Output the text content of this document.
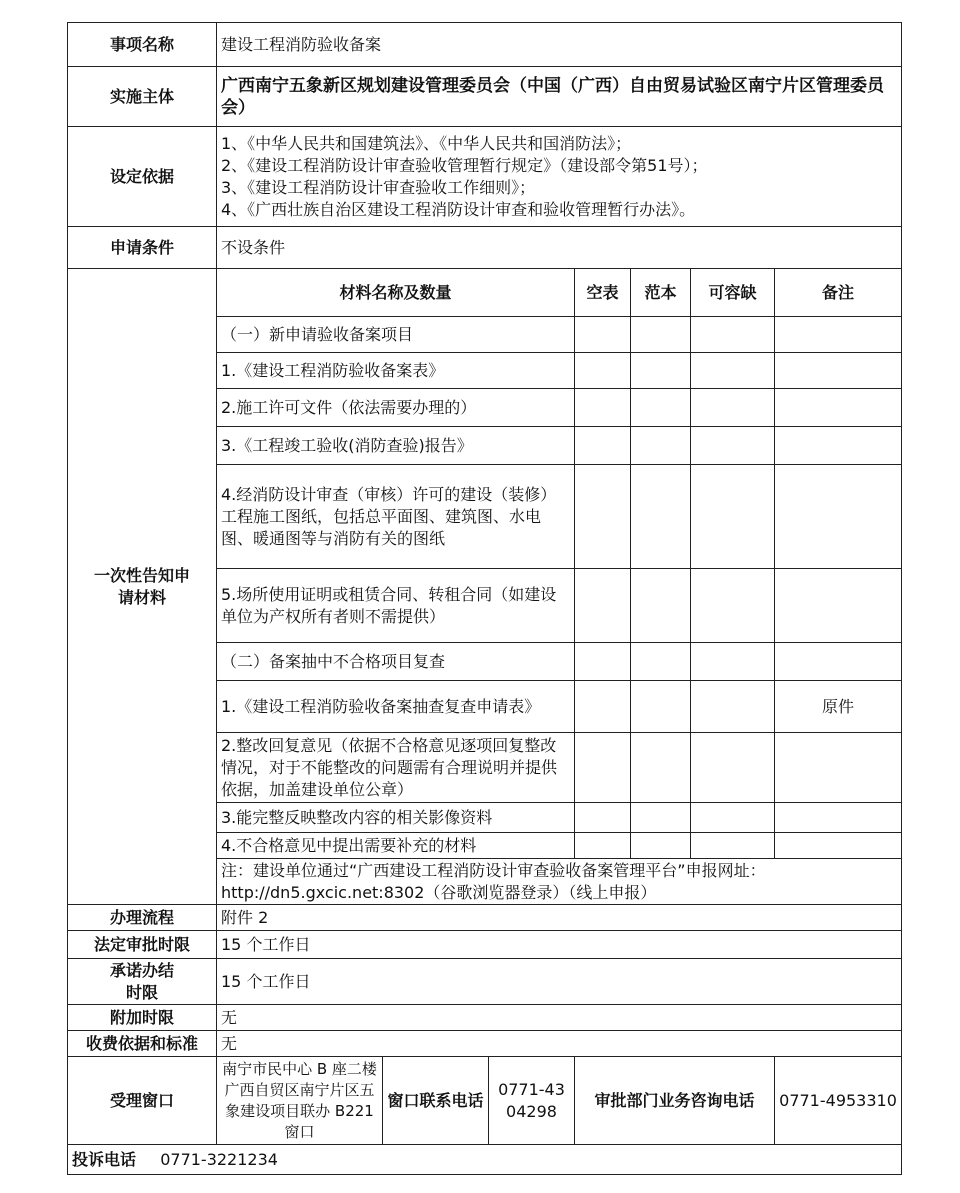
事项名称	建设工程消防验收备案						
实施主体	广西南宁五象新区规划建设管理委员会（中国（广西）自由贸易试验区南宁片区管理委员会）						
设定依据	1、《中华人民共和国建筑法》、《中华人民共和国消防法》；
2、《建设工程消防设计审查验收管理暂行规定》（建设部令第51号）；
3、《建设工程消防设计审查验收工作细则》；
4、《广西壮族自治区建设工程消防设计审查和验收管理暂行办法》。						

申请条件	不设条件						
一次性告知申请材料	材料名称及数量			空表	范本	可容缺	备注
	（一）新申请验收备案项目						
	1.《建设工程消防验收备案表》						
	2.施工许可文件（依法需要办理的）						
	3.《工程竣工验收(消防查验)报告》						
	4.经消防设计审查（审核）许可的建设（装修）工程施工图纸，包括总平面图、建筑图、水电图、暖通图等与消防有关的图纸						
	5.场所使用证明或租赁合同、转租合同（如建设单位为产权所有者则不需提供）						
	（二）备案抽中不合格项目复查						
	1.《建设工程消防验收备案抽查复查申请表》						原件
	2.整改回复意见（依据不合格意见逐项回复整改情况，对于不能整改的问题需有合理说明并提供依据，加盖建设单位公章）						
	3.能完整反映整改内容的相关影像资料						
	4.不合格意见中提出需要补充的材料						
	注：建设单位通过“广西建设工程消防设计审查验收备案管理平台”申报网址：http://dn5.gxcic.net:8302（谷歌浏览器登录）（线上申报）						
办理流程	附件 2						
法定审批时限	15 个工作日						
承诺办结
时限	15 个工作日						
附加时限	无						
收费依据和标准	无						
受理窗口	南宁市民中心 B 座二楼广西自贸区南宁片区五象建设项目联办 B221 窗口	窗口联系电话	0771-4304298	审批部门业务咨询电话			0771-4953310
投诉电话 0771-3221234							
